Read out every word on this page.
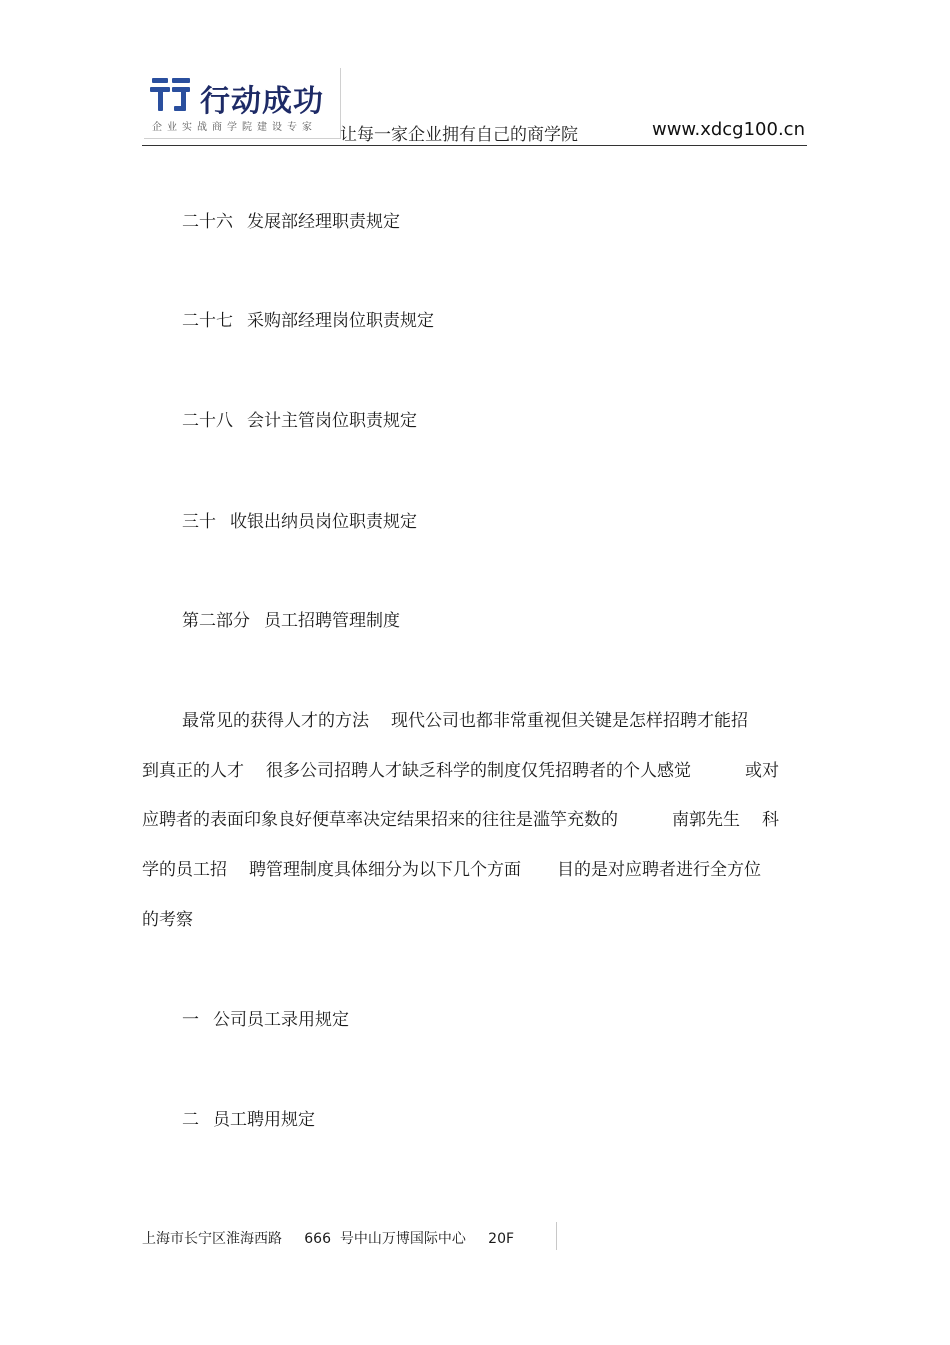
行动成功
企业实战商学院建设专家 让每一家企业拥有自己的商学院	www.xdcg100.cn

二十六 发展部经理职责规定

二十七 采购部经理岗位职责规定

二十八 会计主管岗位职责规定

三十 收银出纳员岗位职责规定

第二部分 员工招聘管理制度

最常见的获得人才的方法 现代公司也都非常重视但关键是怎样招聘才能招

到真正的人才 很多公司招聘人才缺乏科学的制度仅凭招聘者的个人感觉	或对

应聘者的表面印象良好便草率决定结果招来的往往是滥竽充数的	南郭先生 科

学的员工招 聘管理制度具体细分为以下几个方面 目的是对应聘者进行全方位

的考察

一 公司员工录用规定

二 员工聘用规定

上海市长宁区淮海西路 666 号中山万博国际中心 20F
